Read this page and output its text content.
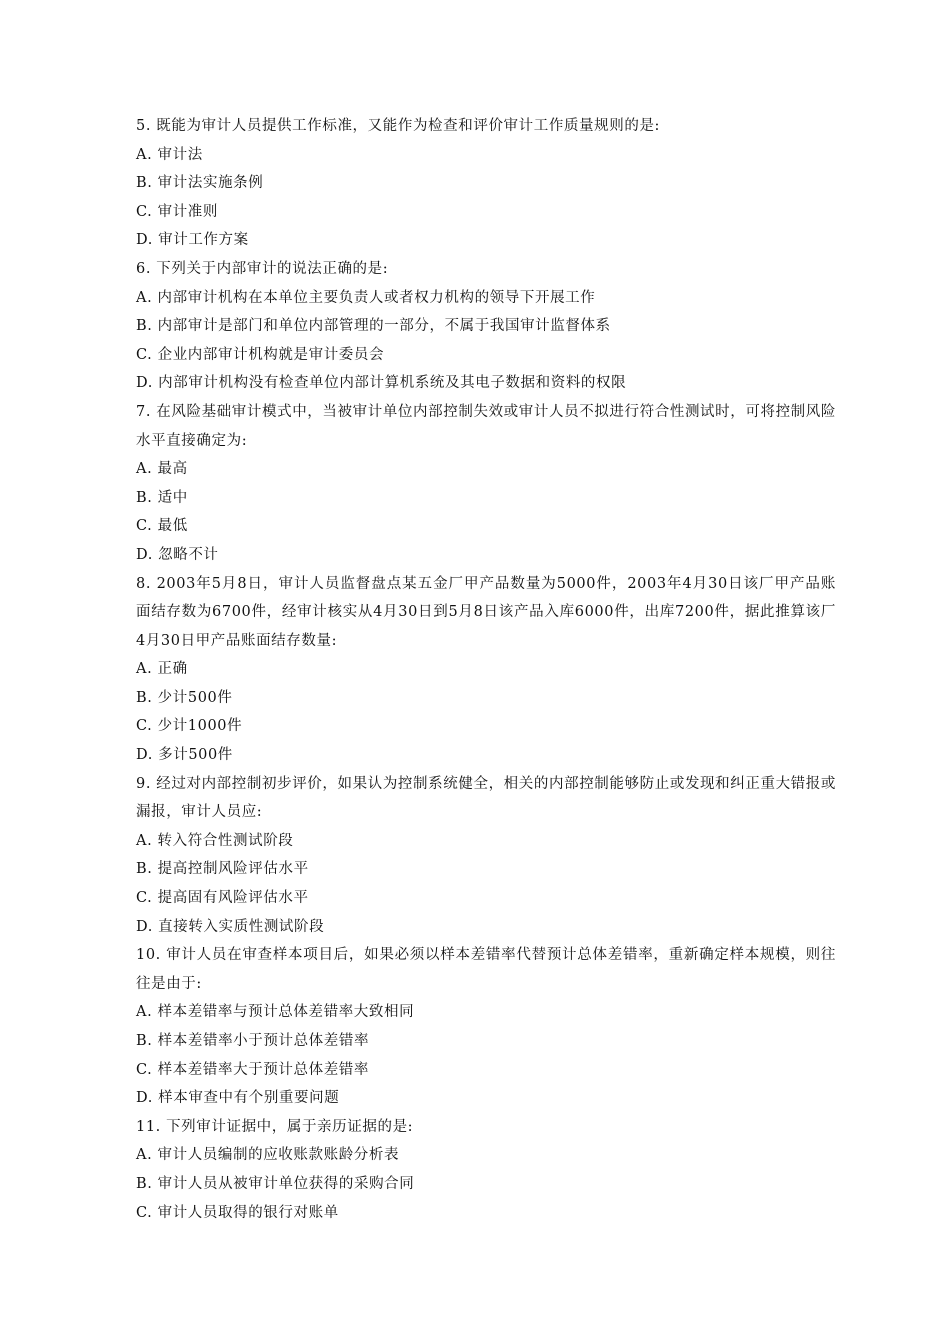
5. 既能为审计人员提供工作标准，又能作为检查和评价审计工作质量规则的是:
A. 审计法
B. 审计法实施条例
C. 审计准则
D. 审计工作方案
6. 下列关于内部审计的说法正确的是:
A. 内部审计机构在本单位主要负责人或者权力机构的领导下开展工作
B. 内部审计是部门和单位内部管理的一部分，不属于我国审计监督体系
C. 企业内部审计机构就是审计委员会
D. 内部审计机构没有检查单位内部计算机系统及其电子数据和资料的权限
7. 在风险基础审计模式中，当被审计单位内部控制失效或审计人员不拟进行符合性测试时，可将控制风险水平直接确定为:
A. 最高
B. 适中
C. 最低
D. 忽略不计
8. 2003年5月8日，审计人员监督盘点某五金厂甲产品数量为5000件，2003年4月30日该厂甲产品账面结存数为6700件，经审计核实从4月30日到5月8日该产品入库6000件，出库7200件，据此推算该厂4月30日甲产品账面结存数量:
A. 正确
B. 少计500件
C. 少计1000件
D. 多计500件
9. 经过对内部控制初步评价，如果认为控制系统健全，相关的内部控制能够防止或发现和纠正重大错报或漏报，审计人员应:
A. 转入符合性测试阶段
B. 提高控制风险评估水平
C. 提高固有风险评估水平
D. 直接转入实质性测试阶段
10. 审计人员在审查样本项目后，如果必须以样本差错率代替预计总体差错率，重新确定样本规模，则往往是由于:
A. 样本差错率与预计总体差错率大致相同
B. 样本差错率小于预计总体差错率
C. 样本差错率大于预计总体差错率
D. 样本审查中有个别重要问题
11. 下列审计证据中，属于亲历证据的是:
A. 审计人员编制的应收账款账龄分析表
B. 审计人员从被审计单位获得的采购合同
C. 审计人员取得的银行对账单
